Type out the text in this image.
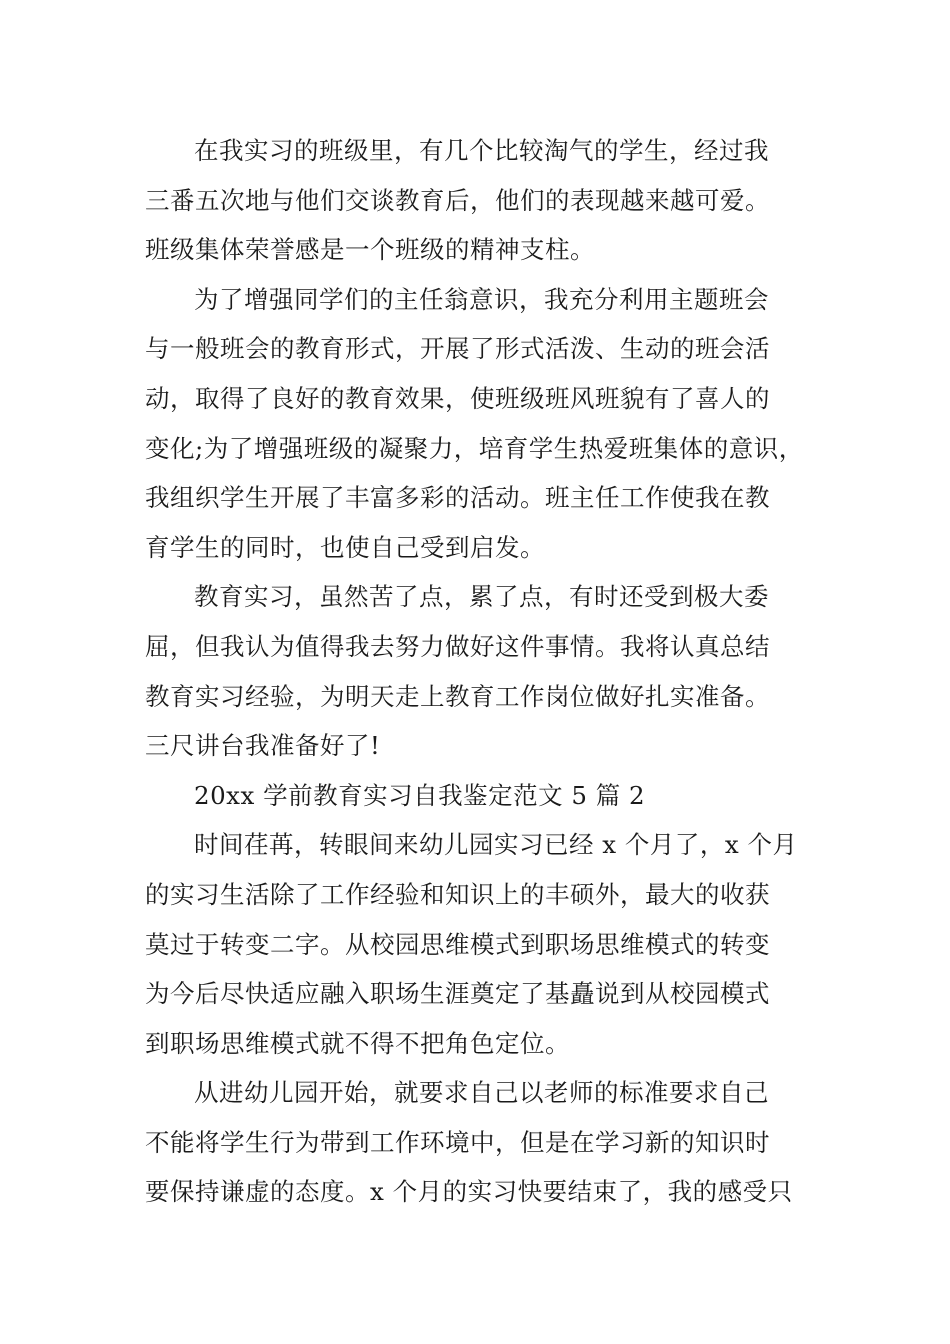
在我实习的班级里，有几个比较淘气的学生，经过我
三番五次地与他们交谈教育后，他们的表现越来越可爱。
班级集体荣誉感是一个班级的精神支柱。

为了增强同学们的主任翁意识，我充分利用主题班会
与一般班会的教育形式，开展了形式活泼、生动的班会活
动，取得了良好的教育效果，使班级班风班貌有了喜人的
变化;为了增强班级的凝聚力，培育学生热爱班集体的意识，
我组织学生开展了丰富多彩的活动。班主任工作使我在教
育学生的同时，也使自己受到启发。

教育实习，虽然苦了点，累了点，有时还受到极大委
屈，但我认为值得我去努力做好这件事情。我将认真总结
教育实习经验，为明天走上教育工作岗位做好扎实准备。
三尺讲台我准备好了!

20xx 学前教育实习自我鉴定范文 5 篇 2

时间荏苒，转眼间来幼儿园实习已经 x 个月了，x 个月
的实习生活除了工作经验和知识上的丰硕外，最大的收获
莫过于转变二字。从校园思维模式到职场思维模式的转变
为今后尽快适应融入职场生涯奠定了基矗说到从校园模式
到职场思维模式就不得不把角色定位。

从进幼儿园开始，就要求自己以老师的标准要求自己
不能将学生行为带到工作环境中，但是在学习新的知识时
要保持谦虚的态度。x 个月的实习快要结束了，我的感受只
